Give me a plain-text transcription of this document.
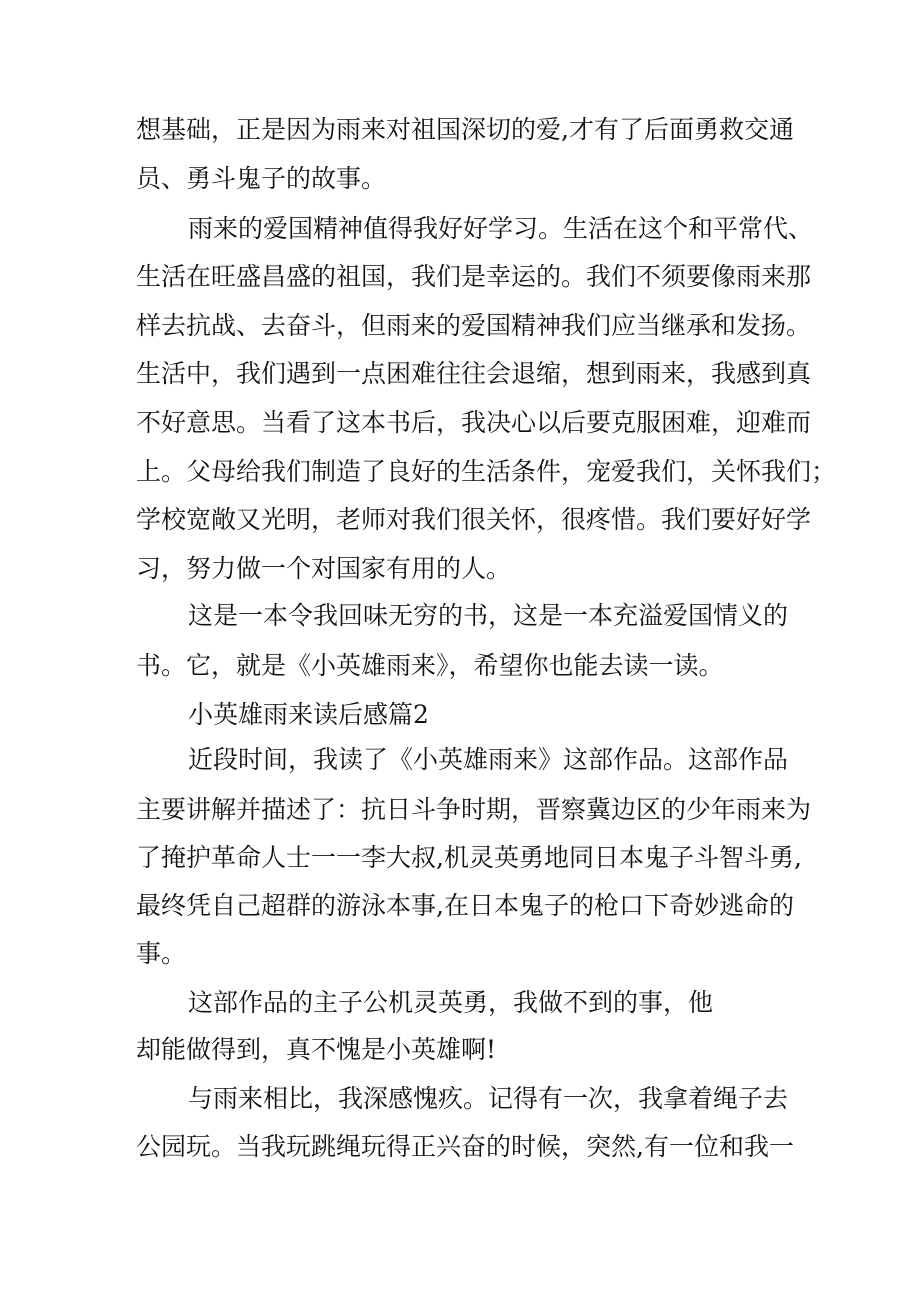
想基础，正是因为雨来对祖国深切的爱,才有了后面勇救交通
员、勇斗鬼子的故事。
雨来的爱国精神值得我好好学习。生活在这个和平常代、
生活在旺盛昌盛的祖国，我们是幸运的。我们不须要像雨来那
样去抗战、去奋斗，但雨来的爱国精神我们应当继承和发扬。
生活中，我们遇到一点困难往往会退缩，想到雨来，我感到真
不好意思。当看了这本书后，我决心以后要克服困难，迎难而
上。父母给我们制造了良好的生活条件，宠爱我们，关怀我们；
学校宽敞又光明，老师对我们很关怀，很疼惜。我们要好好学
习，努力做一个对国家有用的人。
这是一本令我回味无穷的书，这是一本充溢爱国情义的
书。它，就是《小英雄雨来》，希望你也能去读一读。
小英雄雨来读后感篇2
近段时间，我读了《小英雄雨来》这部作品。这部作品
主要讲解并描述了：抗日斗争时期，晋察冀边区的少年雨来为
了掩护革命人士一一李大叔,机灵英勇地同日本鬼子斗智斗勇,
最终凭自己超群的游泳本事,在日本鬼子的枪口下奇妙逃命的
事。
这部作品的主子公机灵英勇，我做不到的事，他
却能做得到，真不愧是小英雄啊!
与雨来相比，我深感愧疚。记得有一次，我拿着绳子去
公园玩。当我玩跳绳玩得正兴奋的时候，突然,有一位和我一
